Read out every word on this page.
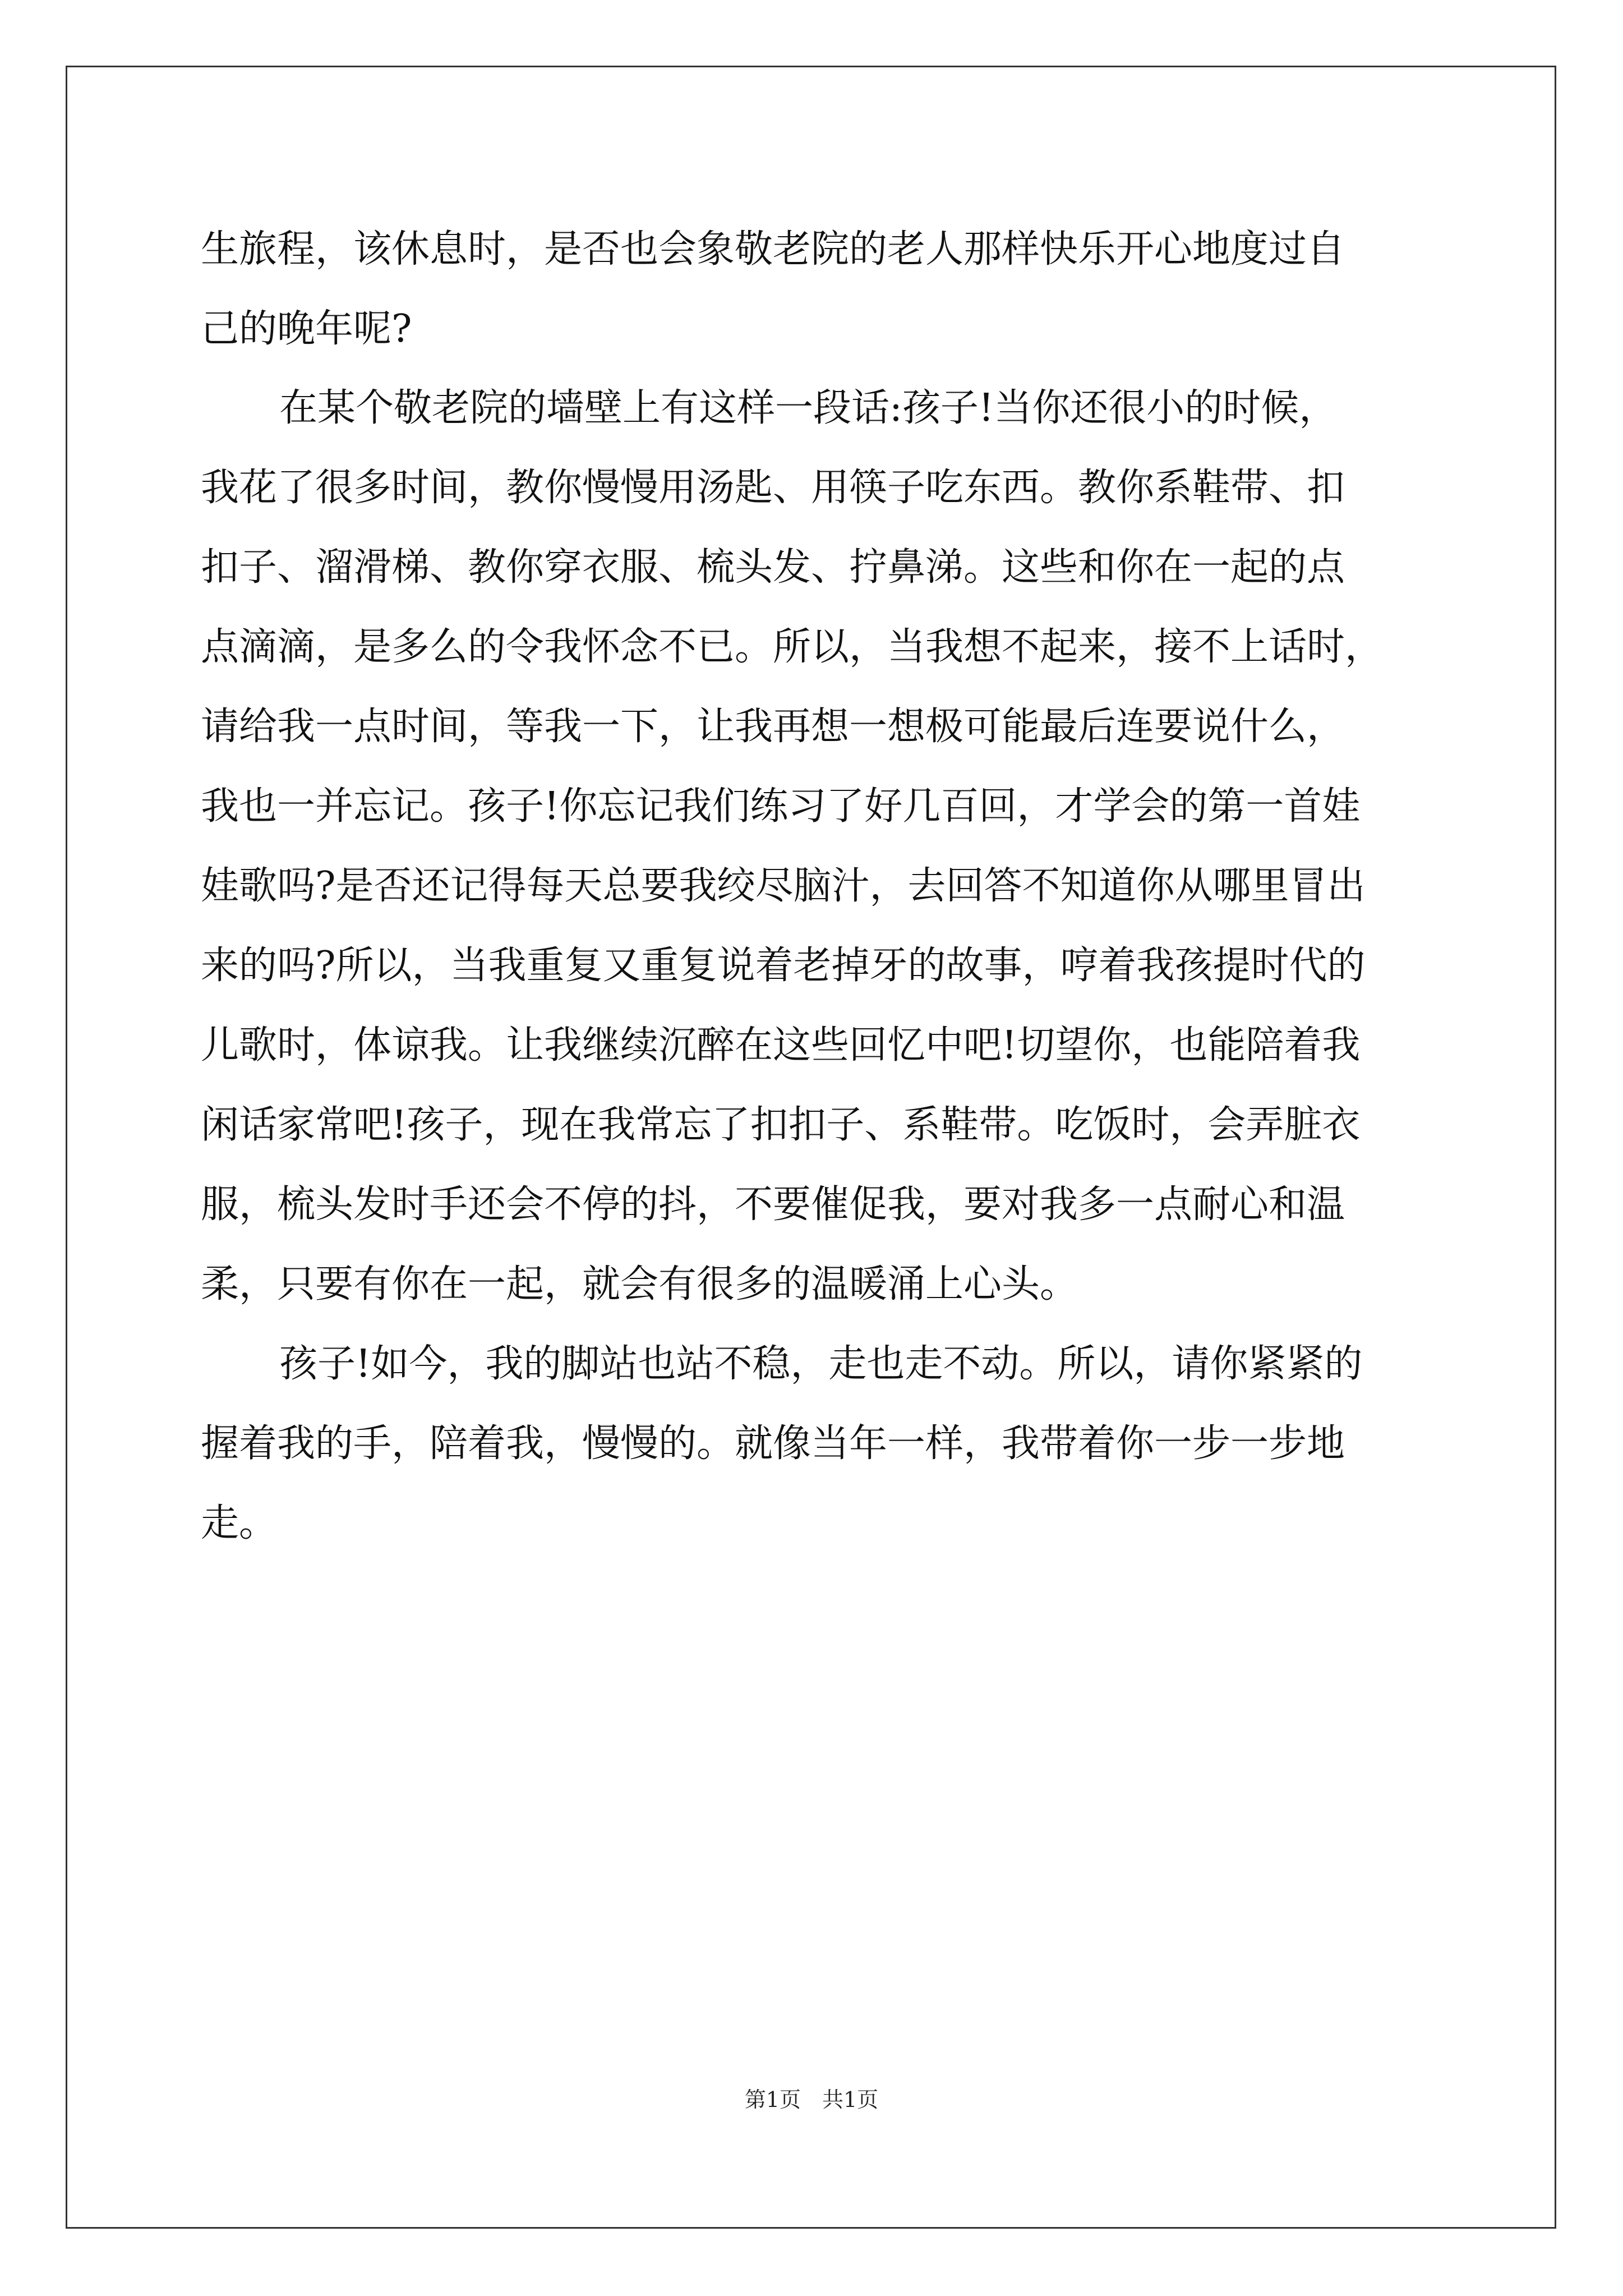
生旅程，该休息时，是否也会象敬老院的老人那样快乐开心地度过自
己的晚年呢?
在某个敬老院的墙壁上有这样一段话:孩子!当你还很小的时候，
我花了很多时间，教你慢慢用汤匙、用筷子吃东西。教你系鞋带、扣
扣子、溜滑梯、教你穿衣服、梳头发、拧鼻涕。这些和你在一起的点
点滴滴，是多么的令我怀念不已。所以，当我想不起来，接不上话时，
请给我一点时间，等我一下，让我再想一想极可能最后连要说什么，
我也一并忘记。孩子!你忘记我们练习了好几百回，才学会的第一首娃
娃歌吗?是否还记得每天总要我绞尽脑汁，去回答不知道你从哪里冒出
来的吗?所以，当我重复又重复说着老掉牙的故事，哼着我孩提时代的
儿歌时，体谅我。让我继续沉醉在这些回忆中吧!切望你，也能陪着我
闲话家常吧!孩子，现在我常忘了扣扣子、系鞋带。吃饭时，会弄脏衣
服，梳头发时手还会不停的抖，不要催促我，要对我多一点耐心和温
柔，只要有你在一起，就会有很多的温暖涌上心头。
孩子!如今，我的脚站也站不稳，走也走不动。所以，请你紧紧的
握着我的手，陪着我，慢慢的。就像当年一样，我带着你一步一步地
走。
第1页　共1页
